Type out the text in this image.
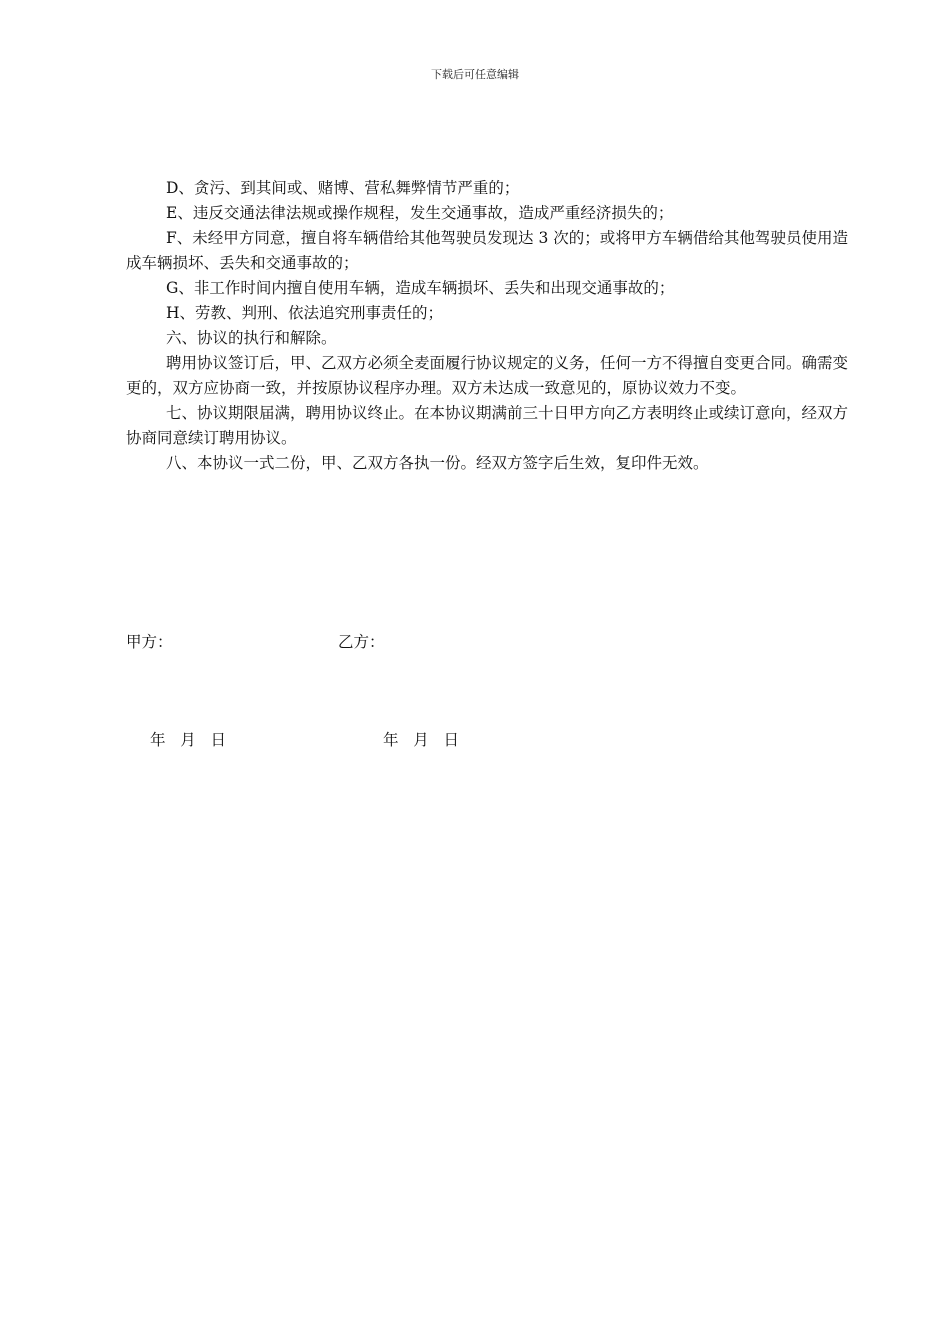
下载后可任意编辑

D、贪污、到其间或、赌博、营私舞弊情节严重的；

E、违反交通法律法规或操作规程，发生交通事故，造成严重经济损失的；

F、未经甲方同意，擅自将车辆借给其他驾驶员发现达 3 次的；或将甲方车辆借给其他驾驶员使用造成车辆损坏、丢失和交通事故的；

G、非工作时间内擅自使用车辆，造成车辆损坏、丢失和出现交通事故的；

H、劳教、判刑、依法追究刑事责任的；

六、协议的执行和解除。

聘用协议签订后，甲、乙双方必须全麦面履行协议规定的义务，任何一方不得擅自变更合同。确需变更的，双方应协商一致，并按原协议程序办理。双方未达成一致意见的，原协议效力不变。

七、协议期限届满，聘用协议终止。在本协议期满前三十日甲方向乙方表明终止或续订意向，经双方协商同意续订聘用协议。

八、本协议一式二份，甲、乙双方各执一份。经双方签字后生效，复印件无效。

甲方：	乙方：
年   月   日	年   月   日
